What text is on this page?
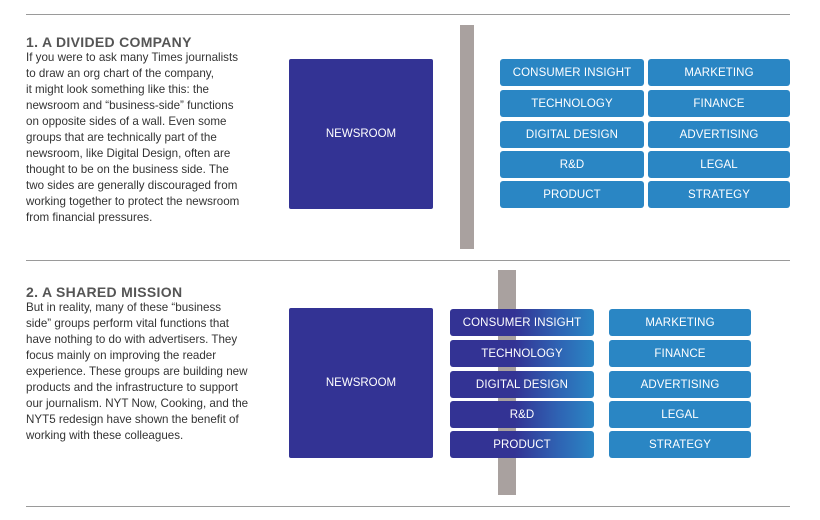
1. A DIVIDED COMPANY
If you were to ask many Times journalists
to draw an org chart of the company,
it might look something like this: the
newsroom and “business-side” functions
on opposite sides of a wall. Even some
groups that are technically part of the
newsroom, like Digital Design, often are
thought to be on the business side. The
two sides are generally discouraged from
working together to protect the newsroom
from financial pressures.
NEWSROOM
CONSUMER INSIGHT
TECHNOLOGY
DIGITAL DESIGN
R&D
PRODUCT
MARKETING
FINANCE
ADVERTISING
LEGAL
STRATEGY
2. A SHARED MISSION
But in reality, many of these “business
side” groups perform vital functions that
have nothing to do with advertisers. They
focus mainly on improving the reader
experience. These groups are building new
products and the infrastructure to support
our journalism. NYT Now, Cooking, and the
NYT5 redesign have shown the benefit of
working with these colleagues.
NEWSROOM
CONSUMER INSIGHT
TECHNOLOGY
DIGITAL DESIGN
R&D
PRODUCT
MARKETING
FINANCE
ADVERTISING
LEGAL
STRATEGY
